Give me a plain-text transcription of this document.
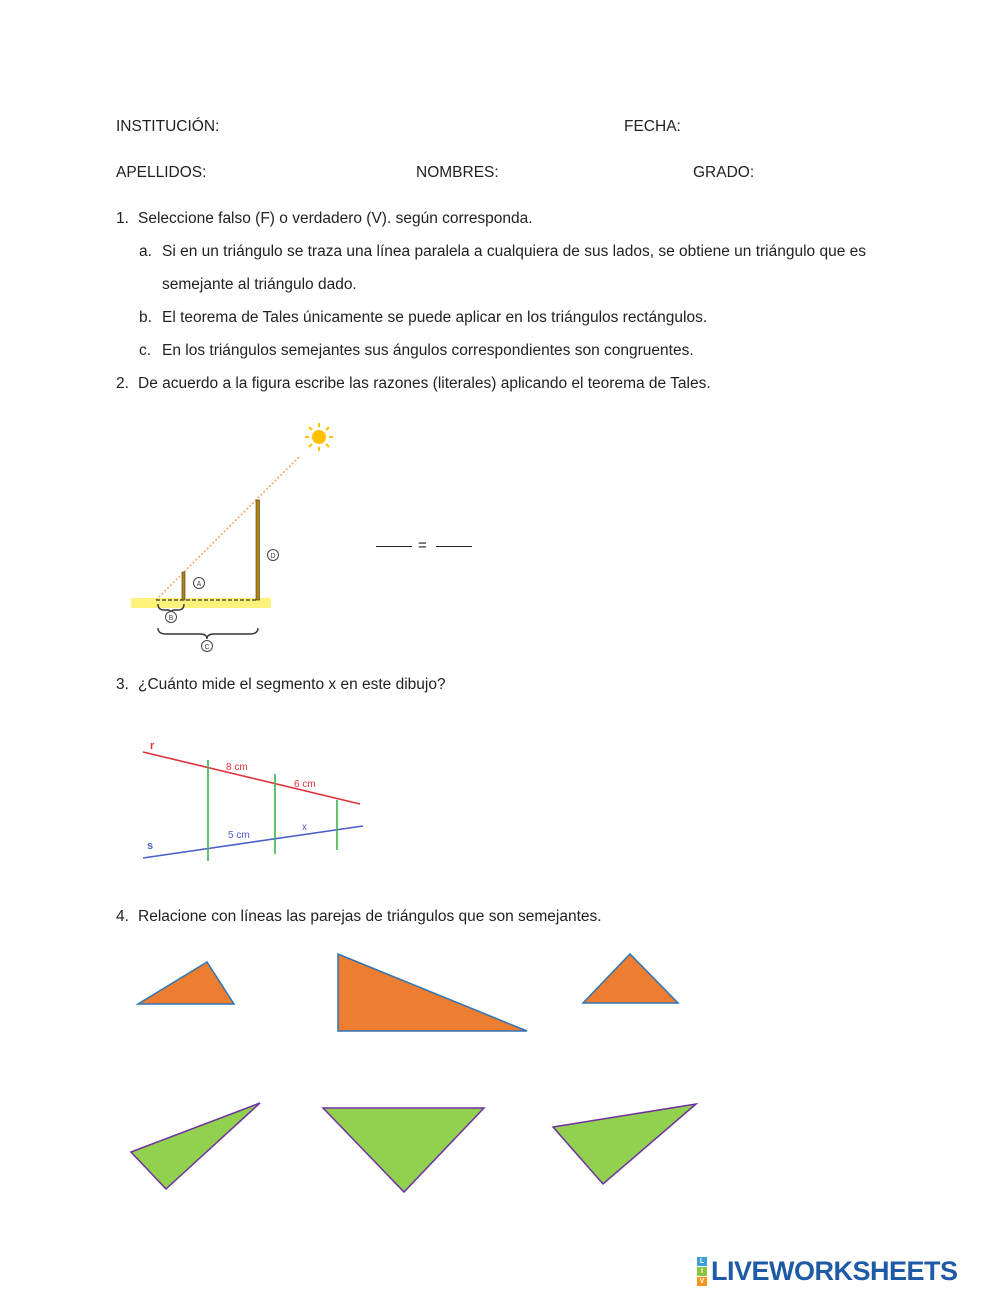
INSTITUCIÓN:	FECHA:
APELLIDOS:	NOMBRES:	GRADO:
1. Seleccione falso (F) o verdadero (V). según corresponda.
a. Si en un triángulo se traza una línea paralela a cualquiera de sus lados, se obtiene un triángulo que es
semejante al triángulo dado.
b. El teorema de Tales únicamente se puede aplicar en los triángulos rectángulos.
c. En los triángulos semejantes sus ángulos correspondientes son congruentes.
2. De acuerdo a la figura escribe las razones (literales) aplicando el teorema de Tales.
A
D
B
C
=
3. ¿Cuánto mide el segmento x en este dibujo?
r
s
8 cm
6 cm
5 cm
x
4. Relacione con líneas las parejas de triángulos que son semejantes.
L
I
V LIVEWORKSHEETS
